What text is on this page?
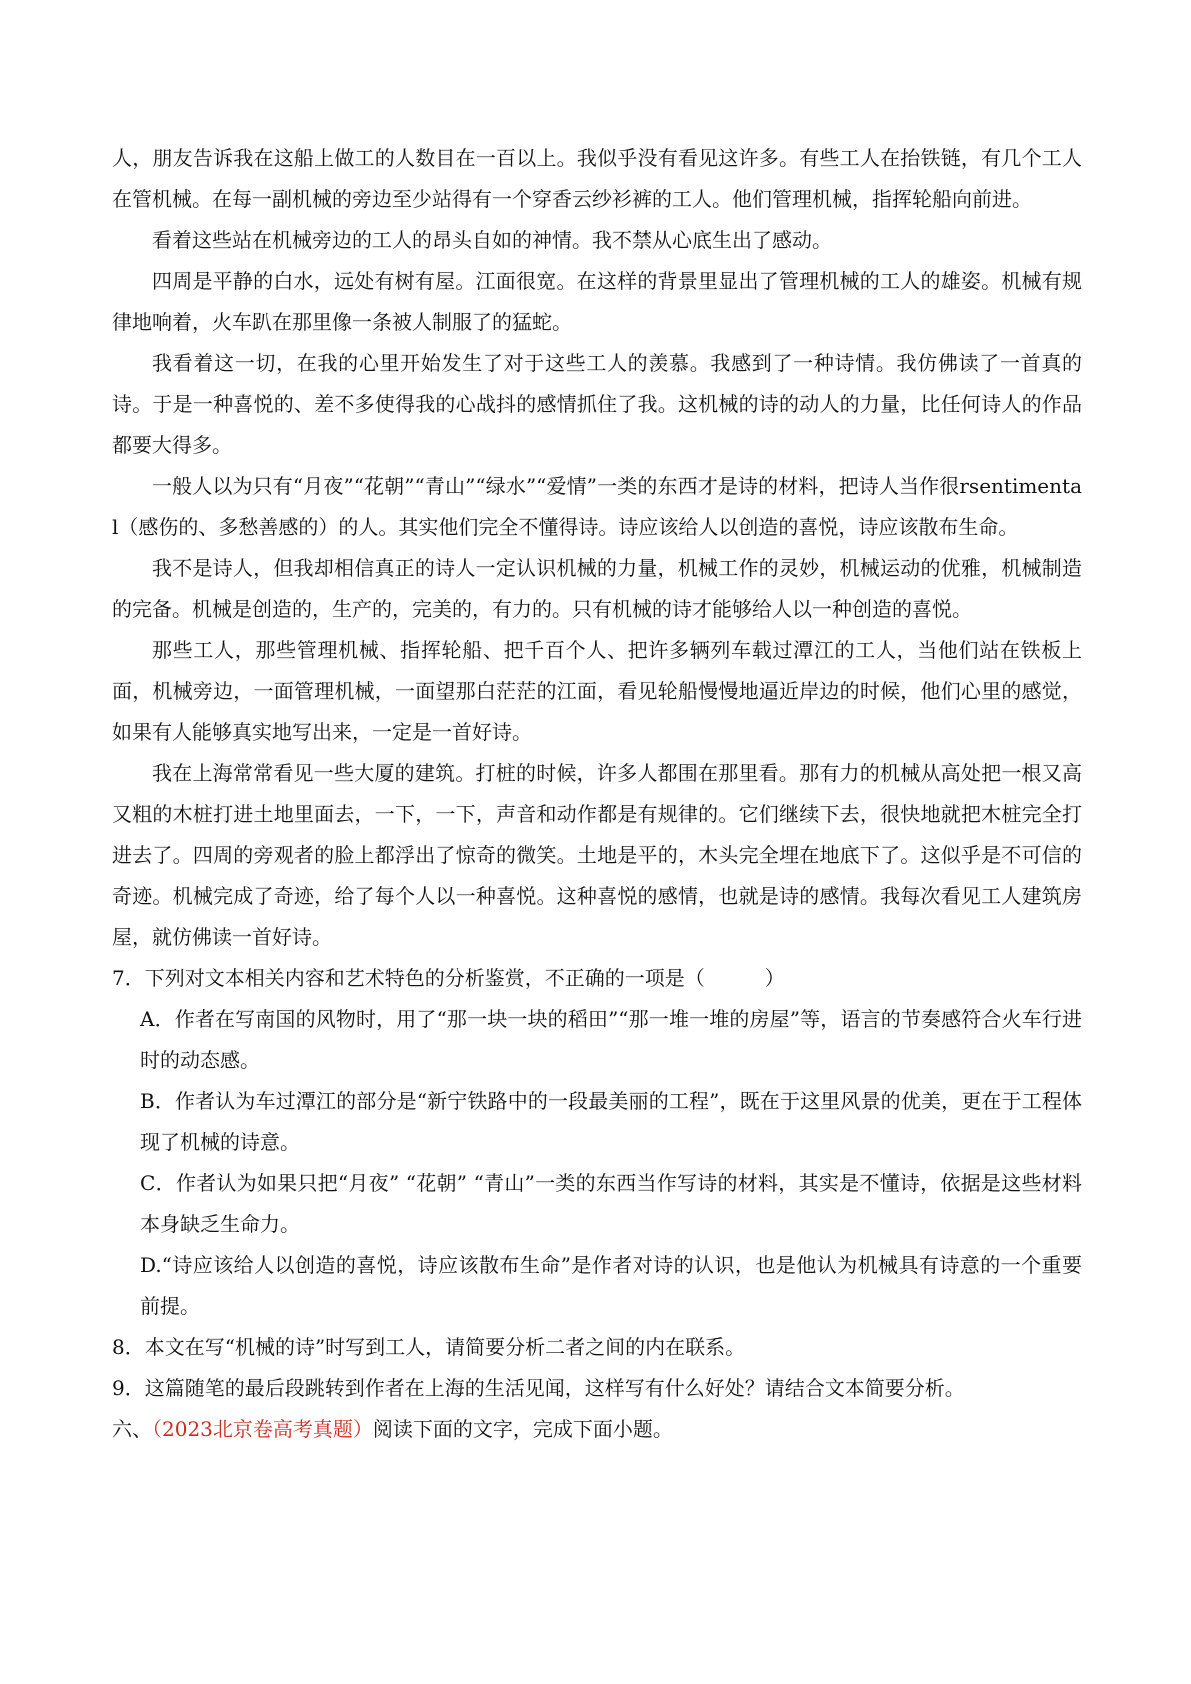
人，朋友告诉我在这船上做工的人数目在一百以上。我似乎没有看见这许多。有些工人在抬铁链，有几个工人在管机械。在每一副机械的旁边至少站得有一个穿香云纱衫裤的工人。他们管理机械，指挥轮船向前进。

看着这些站在机械旁边的工人的昂头自如的神情。我不禁从心底生出了感动。

四周是平静的白水，远处有树有屋。江面很宽。在这样的背景里显出了管理机械的工人的雄姿。机械有规律地响着，火车趴在那里像一条被人制服了的猛蛇。

我看着这一切，在我的心里开始发生了对于这些工人的羡慕。我感到了一种诗情。我仿佛读了一首真的诗。于是一种喜悦的、差不多使得我的心战抖的感情抓住了我。这机械的诗的动人的力量，比任何诗人的作品都要大得多。

一般人以为只有“月夜”“花朝”“青山”“绿水”“爱情”一类的东西才是诗的材料，把诗人当作很rsentimental（感伤的、多愁善感的）的人。其实他们完全不懂得诗。诗应该给人以创造的喜悦，诗应该散布生命。

我不是诗人，但我却相信真正的诗人一定认识机械的力量，机械工作的灵妙，机械运动的优雅，机械制造的完备。机械是创造的，生产的，完美的，有力的。只有机械的诗才能够给人以一种创造的喜悦。

那些工人，那些管理机械、指挥轮船、把千百个人、把许多辆列车载过潭江的工人，当他们站在铁板上面，机械旁边，一面管理机械，一面望那白茫茫的江面，看见轮船慢慢地逼近岸边的时候，他们心里的感觉，如果有人能够真实地写出来，一定是一首好诗。

我在上海常常看见一些大厦的建筑。打桩的时候，许多人都围在那里看。那有力的机械从高处把一根又高又粗的木桩打进土地里面去，一下，一下，声音和动作都是有规律的。它们继续下去，很快地就把木桩完全打进去了。四周的旁观者的脸上都浮出了惊奇的微笑。土地是平的，木头完全埋在地底下了。这似乎是不可信的奇迹。机械完成了奇迹，给了每个人以一种喜悦。这种喜悦的感情，也就是诗的感情。我每次看见工人建筑房屋，就仿佛读一首好诗。

7．下列对文本相关内容和艺术特色的分析鉴赏，不正确的一项是（　　　）

A．作者在写南国的风物时，用了“那一块一块的稻田”“那一堆一堆的房屋”等，语言的节奏感符合火车行进时的动态感。

B．作者认为车过潭江的部分是“新宁铁路中的一段最美丽的工程”，既在于这里风景的优美，更在于工程体现了机械的诗意。

C．作者认为如果只把“月夜” “花朝” “青山”一类的东西当作写诗的材料，其实是不懂诗，依据是这些材料本身缺乏生命力。

D.“诗应该给人以创造的喜悦，诗应该散布生命”是作者对诗的认识，也是他认为机械具有诗意的一个重要前提。

8．本文在写“机械的诗”时写到工人，请简要分析二者之间的内在联系。

9．这篇随笔的最后段跳转到作者在上海的生活见闻，这样写有什么好处？请结合文本简要分析。

六、（2023北京卷高考真题）阅读下面的文字，完成下面小题。
